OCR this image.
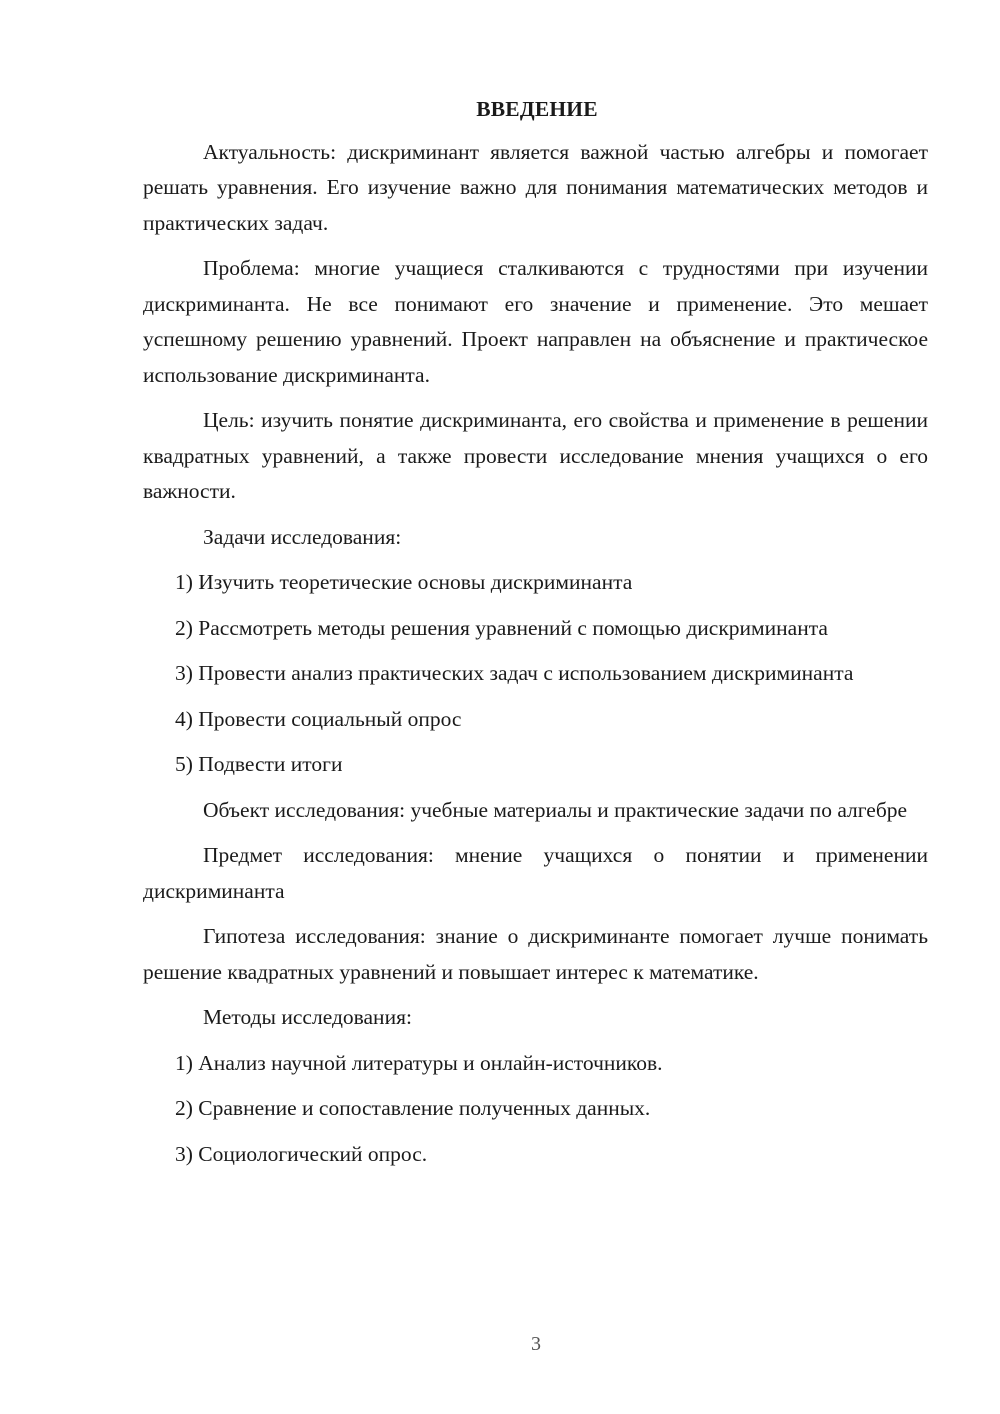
ВВЕДЕНИЕ

Актуальность: дискриминант является важной частью алгебры и помогает решать уравнения. Его изучение важно для понимания математических методов и практических задач.

Проблема: многие учащиеся сталкиваются с трудностями при изучении дискриминанта. Не все понимают его значение и применение. Это мешает успешному решению уравнений. Проект направлен на объяснение и практическое использование дискриминанта.

Цель: изучить понятие дискриминанта, его свойства и применение в решении квадратных уравнений, а также провести исследование мнения учащихся о его важности.

Задачи исследования:

1) Изучить теоретические основы дискриминанта

2) Рассмотреть методы решения уравнений с помощью дискриминанта

3) Провести анализ практических задач с использованием дискриминанта

4) Провести социальный опрос

5) Подвести итоги

Объект исследования: учебные материалы и практические задачи по алгебре

Предмет исследования: мнение учащихся о понятии и применении дискриминанта

Гипотеза исследования: знание о дискриминанте помогает лучше понимать решение квадратных уравнений и повышает интерес к математике.

Методы исследования:

1) Анализ научной литературы и онлайн-источников.

2) Сравнение и сопоставление полученных данных.

3) Социологический опрос.

3
